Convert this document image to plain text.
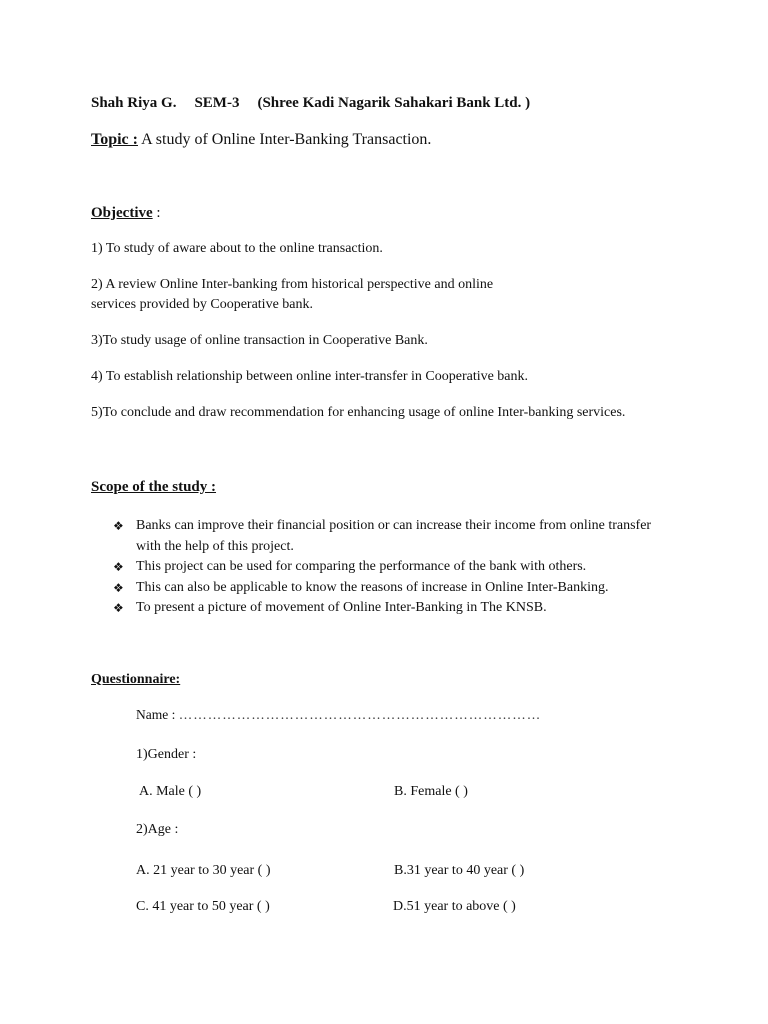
Shah Riya G. SEM-3 (Shree Kadi Nagarik Sahakari Bank Ltd. )
Topic : A study of Online Inter-Banking Transaction.
Objective :
1) To study of aware about to the online transaction.
2) A review Online Inter-banking from historical perspective and online
services provided by Cooperative bank.
3)To study usage of online transaction in Cooperative Bank.
4) To establish relationship between online inter-transfer in Cooperative bank.
5)To conclude and draw recommendation for enhancing usage of online Inter-banking services.
Scope of the study :
❖ Banks can improve their financial position or can increase their income from online transfer with the help of this project.
❖ This project can be used for comparing the performance of the bank with others.
❖ This can also be applicable to know the reasons of increase in Online Inter-Banking.
❖ To present a picture of movement of Online Inter-Banking in The KNSB.
Questionnaire:
Name : …………………………………………………………………
1)Gender :
A. Male ( )	B. Female ( )
2)Age :
A. 21 year to 30 year ( )	B.31 year to 40 year ( )
C. 41 year to 50 year ( )	D.51 year to above ( )
